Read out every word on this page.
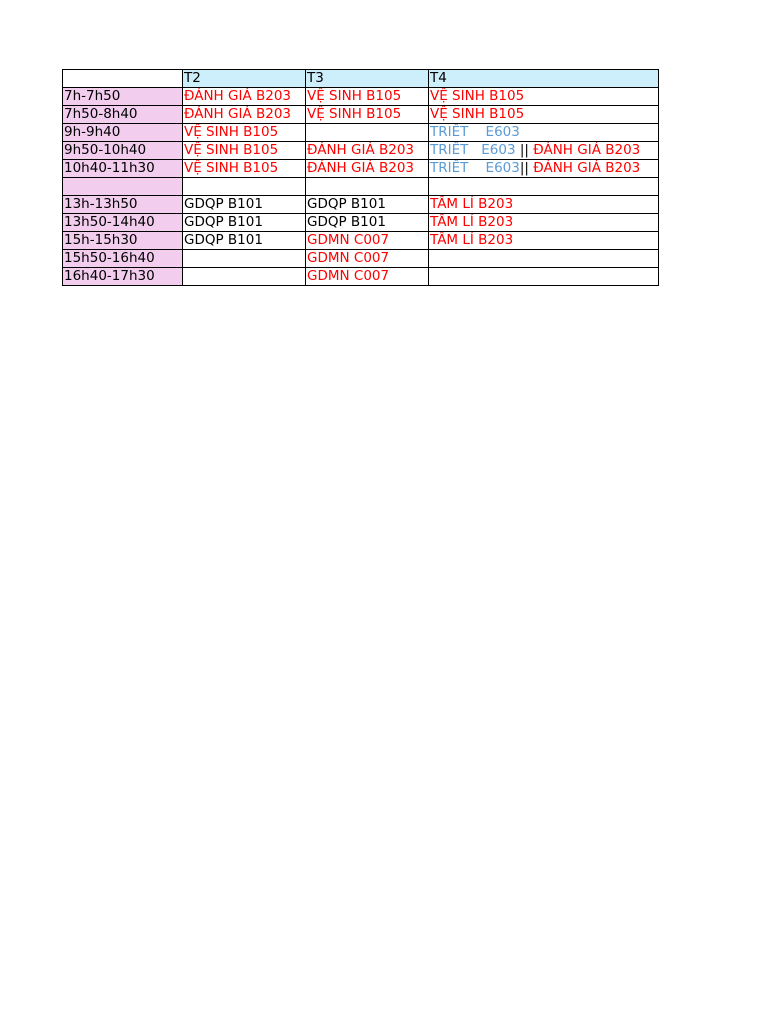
	T2	T3	T4
7h-7h50	ĐÁNH GIÁ B203	VỆ SINH B105	VỆ SINH B105
7h50-8h40	ĐÁNH GIÁ B203	VỆ SINH B105	VỆ SINH B105
9h-9h40	VỆ SINH B105		TRIẾT    E603
9h50-10h40	VỆ SINH B105	ĐÁNH GIÁ B203	TRIẾT   E603 || ĐÁNH GIÁ B203
10h40-11h30	VỆ SINH B105	ĐÁNH GIÁ B203	TRIẾT    E603|| ĐÁNH GIÁ B203

13h-13h50	GDQP B101	GDQP B101	TÂM LÍ B203
13h50-14h40	GDQP B101	GDQP B101	TÂM LÍ B203
15h-15h30	GDQP B101	GDMN C007	TÂM LÍ B203
15h50-16h40		GDMN C007	
16h40-17h30		GDMN C007	
